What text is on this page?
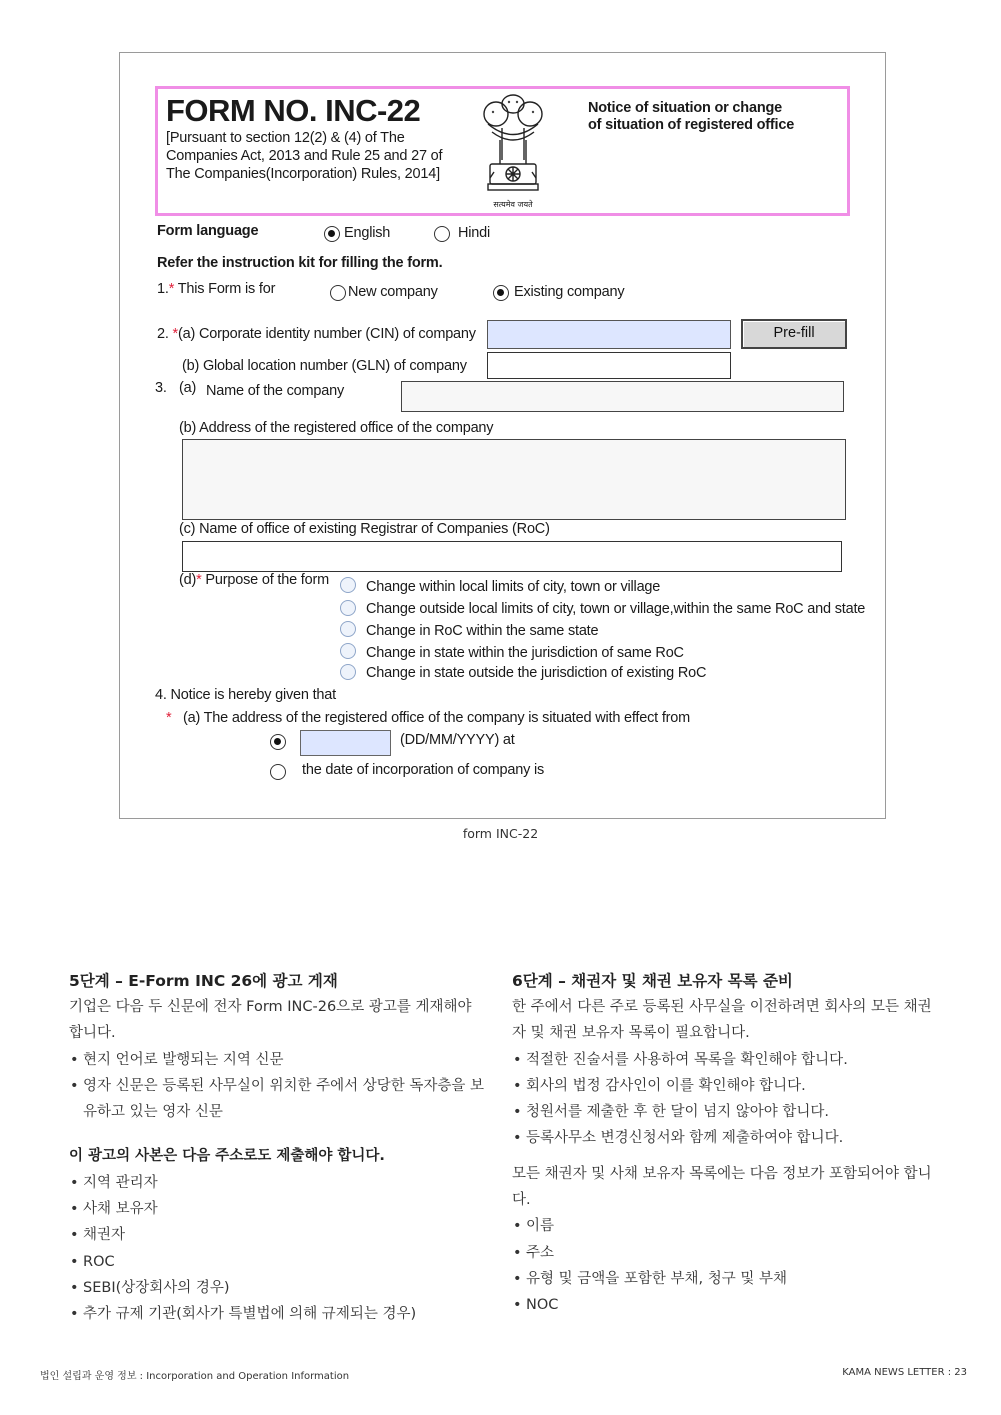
FORM NO. INC-22
[Pursuant to section 12(2) & (4) of The Companies Act, 2013 and Rule 25 and 27 of The Companies(Incorporation) Rules, 2014]
सत्यमेव जयते
Notice of situation or change of situation of registered office
Form language	English	Hindi
Refer the instruction kit for filling the form.
1.* This Form is for	New company	Existing company
2. *(a) Corporate identity number (CIN) of company	Pre-fill
(b) Global location number (GLN) of company
3. (a) Name of the company
(b) Address of the registered office of the company
(c) Name of office of existing Registrar of Companies (RoC)
(d)* Purpose of the form	Change within local limits of city, town or village
Change outside local limits of city, town or village,within the same RoC and state
Change in RoC within the same state
Change in state within the jurisdiction of same RoC
Change in state outside the jurisdiction of existing RoC
4. Notice is hereby given that
* (a) The address of the registered office of the company is situated with effect from
(DD/MM/YYYY) at
the date of incorporation of company is
form INC-22
5단계 – E-Form INC 26에 광고 게재

기업은 다음 두 신문에 전자 Form INC-26으로 광고를 게재해야 합니다.

• 현지 언어로 발행되는 지역 신문
• 영자 신문은 등록된 사무실이 위치한 주에서 상당한 독자층을 보유하고 있는 영자 신문

이 광고의 사본은 다음 주소로도 제출해야 합니다.

• 지역 관리자
• 사채 보유자
• 채권자
• ROC
• SEBI(상장회사의 경우)
• 추가 규제 기관(회사가 특별법에 의해 규제되는 경우)
6단계 – 채권자 및 채권 보유자 목록 준비

한 주에서 다른 주로 등록된 사무실을 이전하려면 회사의 모든 채권자 및 채권 보유자 목록이 필요합니다.

• 적절한 진술서를 사용하여 목록을 확인해야 합니다.
• 회사의 법정 감사인이 이를 확인해야 합니다.
• 청원서를 제출한 후 한 달이 넘지 않아야 합니다.
• 등록사무소 변경신청서와 함께 제출하여야 합니다.

모든 채권자 및 사채 보유자 목록에는 다음 정보가 포함되어야 합니다.

• 이름
• 주소
• 유형 및 금액을 포함한 부채, 청구 및 부채
• NOC
법인 설립과 운영 정보 : Incorporation and Operation Information	KAMA NEWS LETTER : 23
